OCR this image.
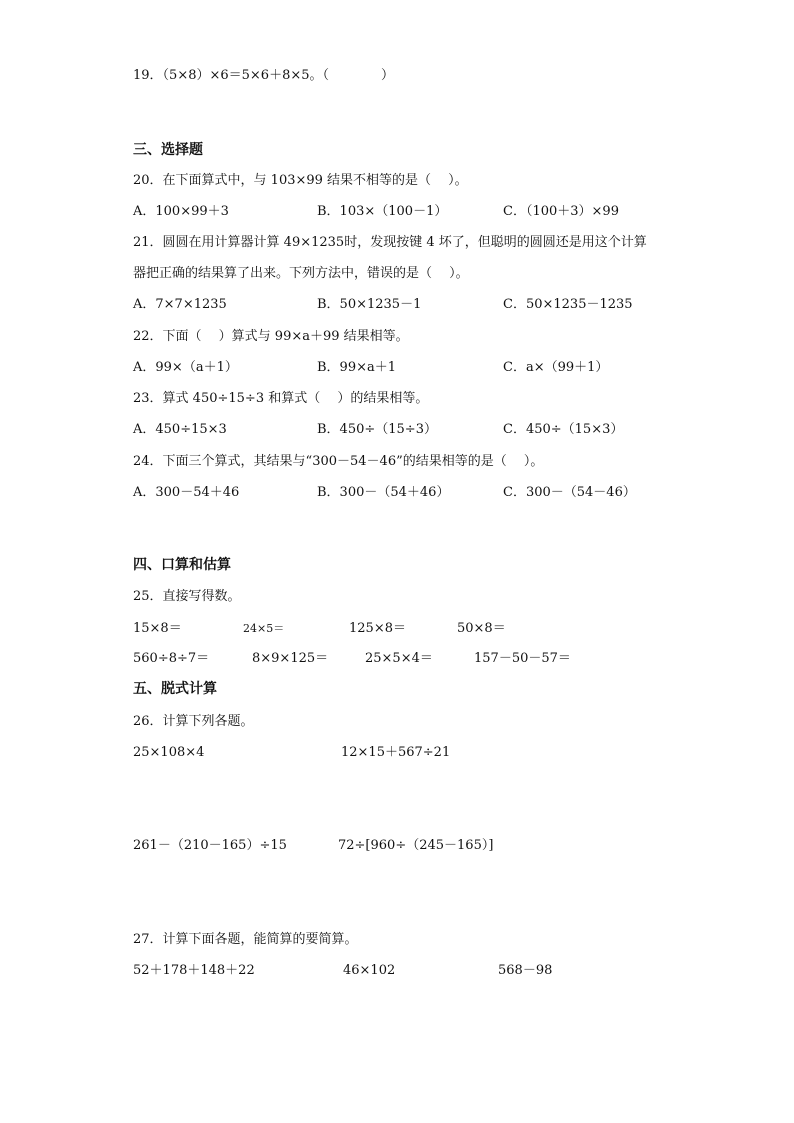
19．（5×8）×6＝5×6＋8×5。（	）
三、选择题
20．在下面算式中，与 103×99 结果不相等的是（　 ）。
A．100×99＋3	B．103×（100－1）	C．（100＋3）×99
21．圆圆在用计算器计算 49×1235时，发现按键 4 坏了，但聪明的圆圆还是用这个计算
器把正确的结果算了出来。下列方法中，错误的是（　 ）。
A．7×7×1235	B．50×1235－1	C．50×1235－1235
22．下面（　 ）算式与 99×a＋99 结果相等。
A．99×（a＋1）	B．99×a＋1	C．a×（99＋1）
23．算式 450÷15÷3 和算式（　 ）的结果相等。
A．450÷15×3	B．450÷（15÷3）	C．450÷（15×3）
24．下面三个算式，其结果与“300－54－46”的结果相等的是（　 ）。
A．300－54＋46	B．300－（54＋46）	C．300－（54－46）
四、口算和估算
25．直接写得数。
15×8＝	24×5＝	125×8＝	50×8＝
560÷8÷7＝	8×9×125＝	25×5×4＝	157－50－57＝
五、脱式计算
26．计算下列各题。
25×108×4	12×15＋567÷21
261－（210－165）÷15	72÷[960÷（245－165）]
27．计算下面各题，能简算的要简算。
52＋178＋148＋22	46×102	568－98
